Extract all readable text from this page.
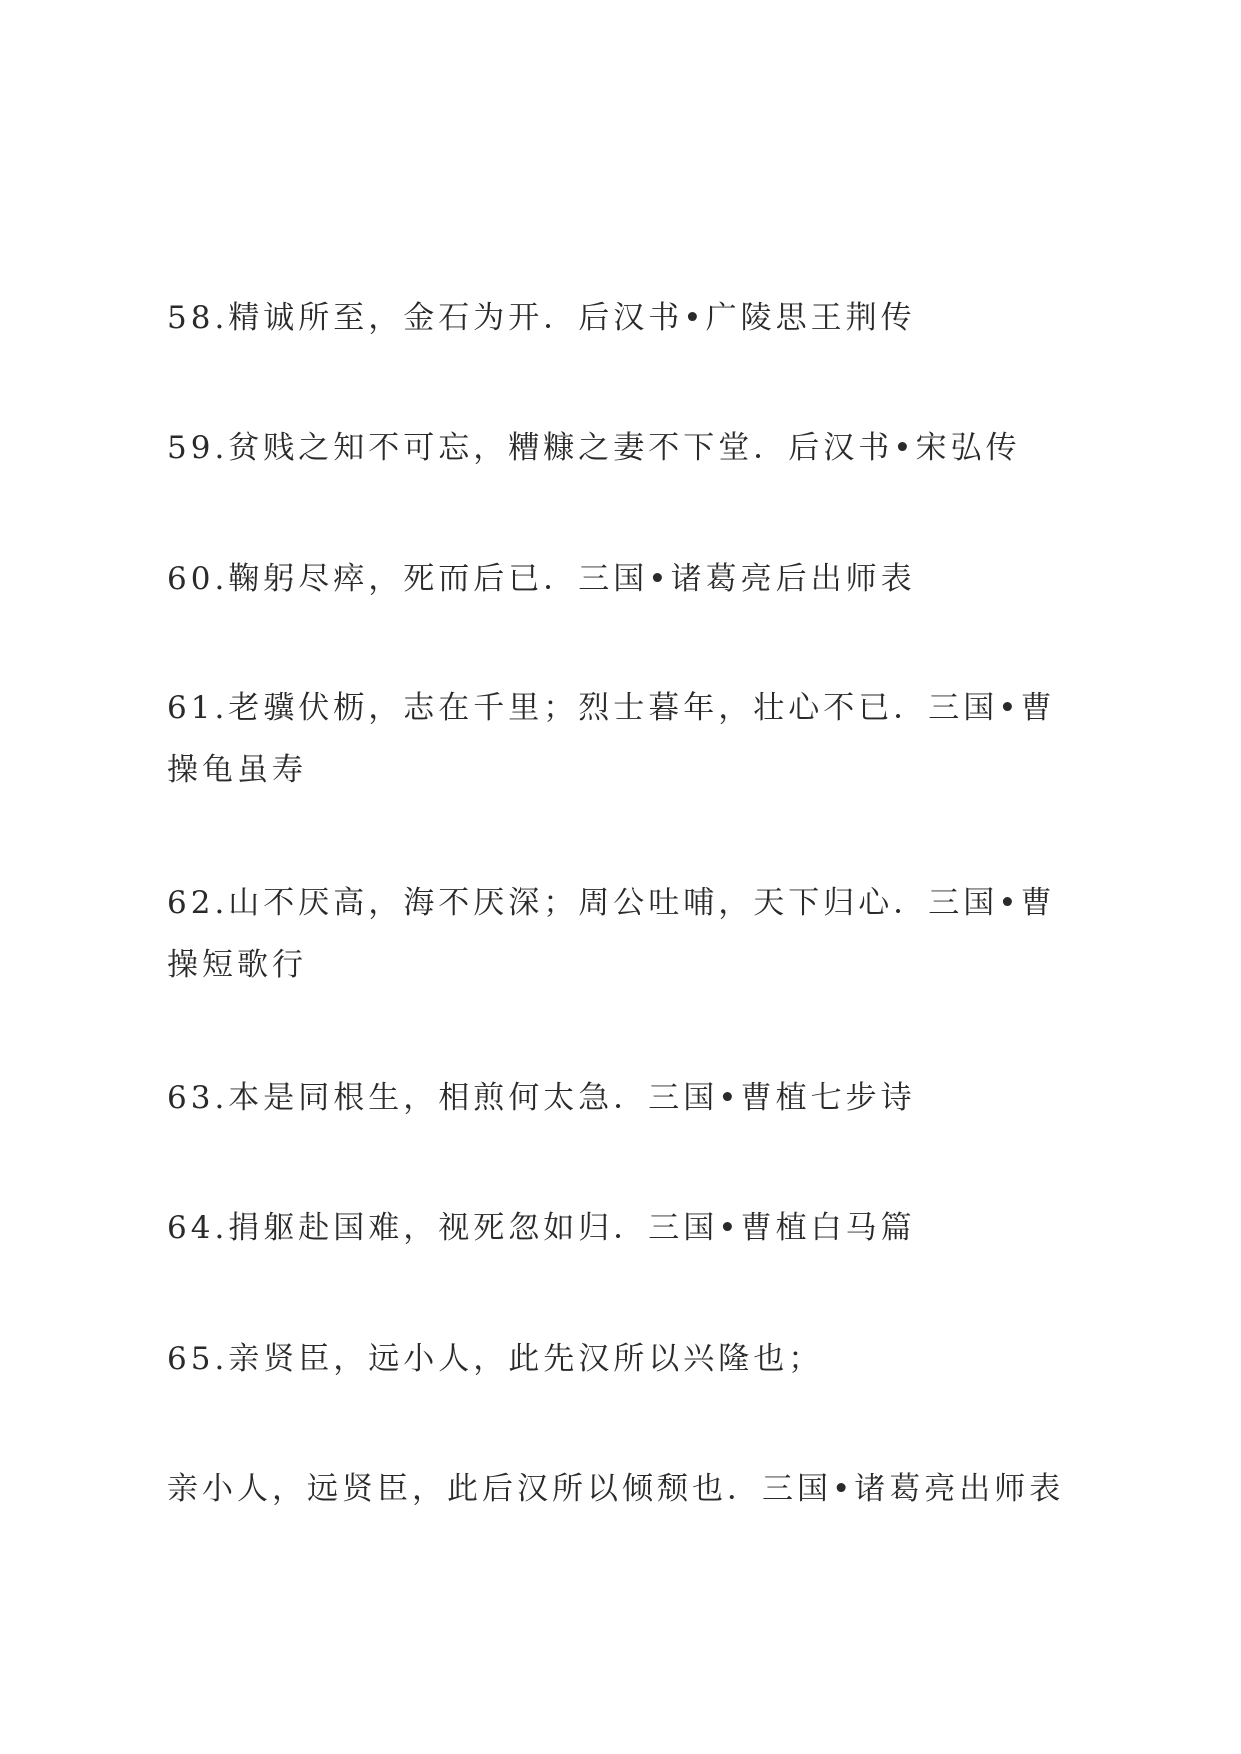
58.精诚所至，金石为开．后汉书•广陵思王荆传
59.贫贱之知不可忘，糟糠之妻不下堂．后汉书•宋弘传
60.鞠躬尽瘁，死而后已．三国•诸葛亮后出师表
61.老骥伏枥，志在千里；烈士暮年，壮心不已．三国•曹操龟虽寿
62.山不厌高，海不厌深；周公吐哺，天下归心．三国•曹操短歌行
63.本是同根生，相煎何太急．三国•曹植七步诗
64.捐躯赴国难，视死忽如归．三国•曹植白马篇
65.亲贤臣，远小人，此先汉所以兴隆也；
亲小人，远贤臣，此后汉所以倾颓也．三国•诸葛亮出师表
